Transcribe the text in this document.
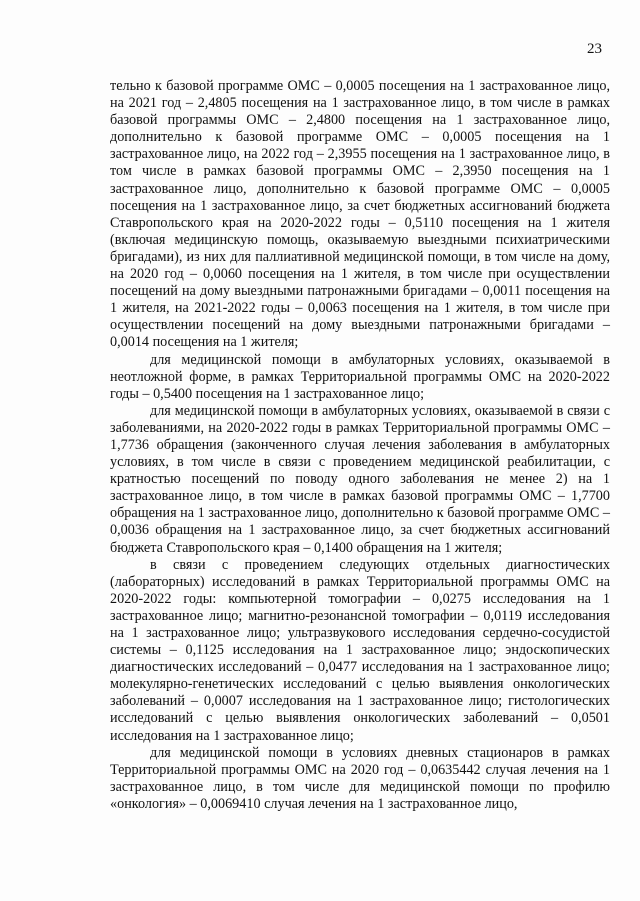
23

тельно к базовой программе ОМС – 0,0005 посещения на 1 застрахованное лицо, на 2021 год – 2,4805 посещения на 1 застрахованное лицо, в том числе в рамках базовой программы ОМС – 2,4800 посещения на 1 застрахованное лицо, дополнительно к базовой программе ОМС – 0,0005 посещения на 1 застрахованное лицо, на 2022 год – 2,3955 посещения на 1 застрахованное лицо, в том числе в рамках базовой программы ОМС – 2,3950 посещения на 1 застрахованное лицо, дополнительно к базовой программе ОМС – 0,0005 посещения на 1 застрахованное лицо, за счет бюджетных ассигнований бюджета Ставропольского края на 2020-2022 годы – 0,5110 посещения на 1 жителя (включая медицинскую помощь, оказываемую выездными психиатрическими бригадами), из них для паллиативной медицинской помощи, в том числе на дому, на 2020 год – 0,0060 посещения на 1 жителя, в том числе при осуществлении посещений на дому выездными патронажными бригадами – 0,0011 посещения на 1 жителя, на 2021-2022 годы – 0,0063 посещения на 1 жителя, в том числе при осуществлении посещений на дому выездными патронажными бригадами – 0,0014 посещения на 1 жителя;

для медицинской помощи в амбулаторных условиях, оказываемой в неотложной форме, в рамках Территориальной программы ОМС на 2020-2022 годы – 0,5400 посещения на 1 застрахованное лицо;

для медицинской помощи в амбулаторных условиях, оказываемой в связи с заболеваниями, на 2020-2022 годы в рамках Территориальной программы ОМС – 1,7736 обращения (законченного случая лечения заболевания в амбулаторных условиях, в том числе в связи с проведением медицинской реабилитации, с кратностью посещений по поводу одного заболевания не менее 2) на 1 застрахованное лицо, в том числе в рамках базовой программы ОМС – 1,7700 обращения на 1 застрахованное лицо, дополнительно к базовой программе ОМС – 0,0036 обращения на 1 застрахованное лицо, за счет бюджетных ассигнований бюджета Ставропольского края – 0,1400 обращения на 1 жителя;

в связи с проведением следующих отдельных диагностических (лабораторных) исследований в рамках Территориальной программы ОМС на 2020-2022 годы: компьютерной томографии – 0,0275 исследования на 1 застрахованное лицо; магнитно-резонансной томографии – 0,0119 исследования на 1 застрахованное лицо; ультразвукового исследования сердечно-сосудистой системы – 0,1125 исследования на 1 застрахованное лицо; эндоскопических диагностических исследований – 0,0477 исследования на 1 застрахованное лицо; молекулярно-генетических исследований с целью выявления онкологических заболеваний – 0,0007 исследования на 1 застрахованное лицо; гистологических исследований с целью выявления онкологических заболеваний – 0,0501 исследования на 1 застрахованное лицо;

для медицинской помощи в условиях дневных стационаров в рамках Территориальной программы ОМС на 2020 год – 0,0635442 случая лечения на 1 застрахованное лицо, в том числе для медицинской помощи по профилю «онкология» – 0,0069410 случая лечения на 1 застрахованное лицо,
